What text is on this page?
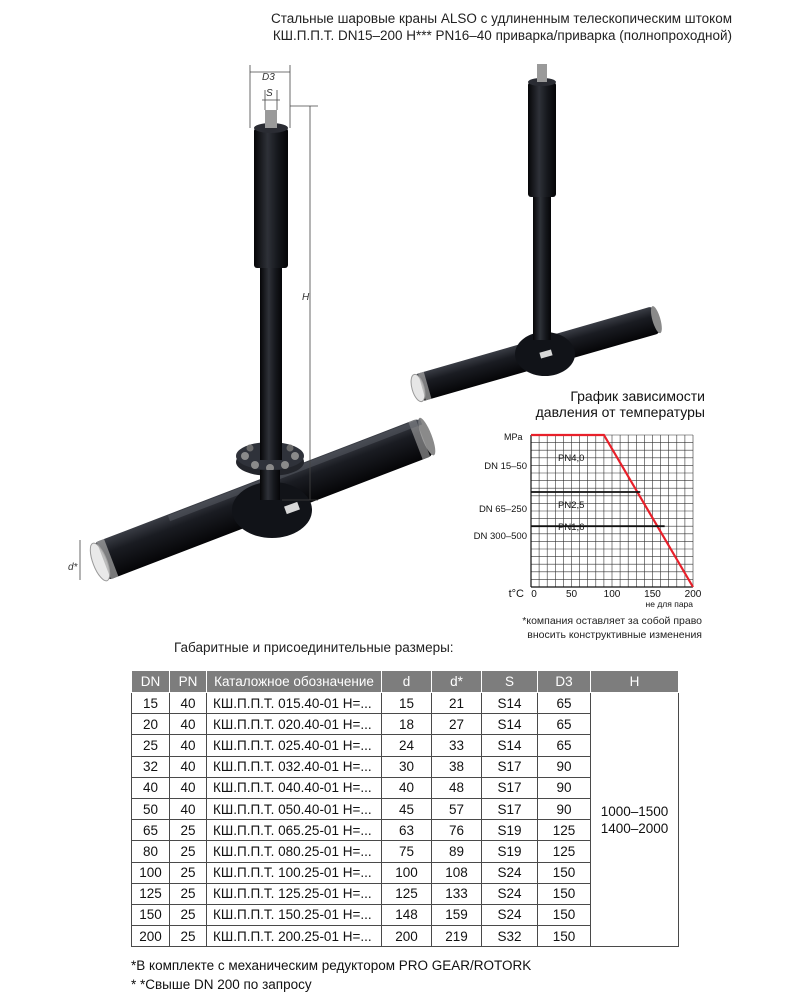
Стальные шаровые краны ALSO с удлиненным телескопическим штоком
КШ.П.П.Т. DN15–200 Н*** PN16–40 приварка/приварка (полнопроходной)
D3
S
H
d*
MPa
DN 15–50
DN 65–250
DN 300–500
PN4,0
PN2,5
PN1,6
t°C 0	50	100 150 200
не для пара
График зависимости
давления от температуры
*компания оставляет за собой право
вносить конструктивные изменения
Габаритные и присоединительные размеры:
DN	PN	Каталожное обозначение	d	d*	S	D3	H
15	40	КШ.П.П.Т. 015.40-01 Н=...	15	21	S14	65	1000–1500
1400–2000

20	40	КШ.П.П.Т. 020.40-01 Н=...	18	27	S14	65	
25	40	КШ.П.П.Т. 025.40-01 Н=...	24	33	S14	65	
32	40	КШ.П.П.Т. 032.40-01 Н=...	30	38	S17	90	
40	40	КШ.П.П.Т. 040.40-01 Н=...	40	48	S17	90	
50	40	КШ.П.П.Т. 050.40-01 Н=...	45	57	S17	90	
65	25	КШ.П.П.Т. 065.25-01 Н=...	63	76	S19	125	
80	25	КШ.П.П.Т. 080.25-01 Н=...	75	89	S19	125	
100	25	КШ.П.П.Т. 100.25-01 Н=...	100	108	S24	150	
125	25	КШ.П.П.Т. 125.25-01 Н=...	125	133	S24	150	
150	25	КШ.П.П.Т. 150.25-01 Н=...	148	159	S24	150	
200	25	КШ.П.П.Т. 200.25-01 Н=...	200	219	S32	150	
*В комплекте с механическим редуктором PRO GEAR/ROTORK
* *Свыше DN 200 по запросу
